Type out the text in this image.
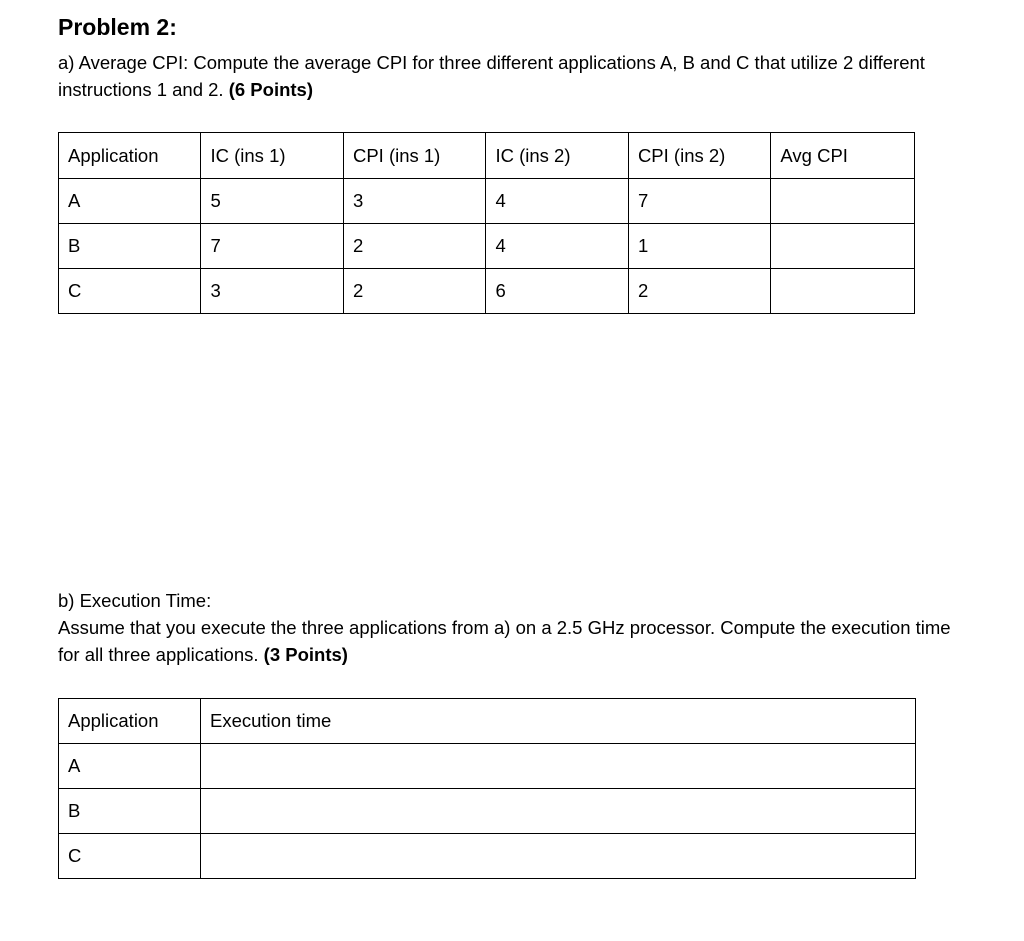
Problem 2:

a) Average CPI: Compute the average CPI for three different applications A, B and C that utilize 2 different instructions 1 and 2. (6 Points)

Application	IC (ins 1)	CPI (ins 1)	IC (ins 2)	CPI (ins 2)	Avg CPI
A	5	3	4	7	
B	7	2	4	1	
C	3	2	6	2	

b) Execution Time:
Assume that you execute the three applications from a) on a 2.5 GHz processor. Compute the execution time for all three applications. (3 Points)

Application	Execution time
A	
B	
C	
